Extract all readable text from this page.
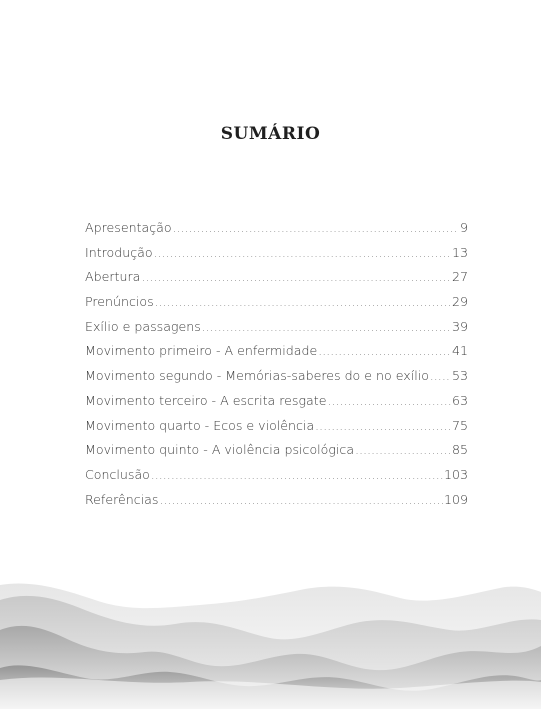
SUMÁRIO
Apresentação .....	9
Introdução .....	13
Abertura .....	27
Prenúncios .....	29
Exílio e passagens .....	39
Movimento primeiro - A enfermidade .....	41
Movimento segundo - Memórias-saberes do e no exílio ..... 53
Movimento terceiro - A escrita resgate .....	63
Movimento quarto - Ecos e violência .....	75
Movimento quinto - A violência psicológica .....	85
Conclusão .....	103
Referências .....	109
